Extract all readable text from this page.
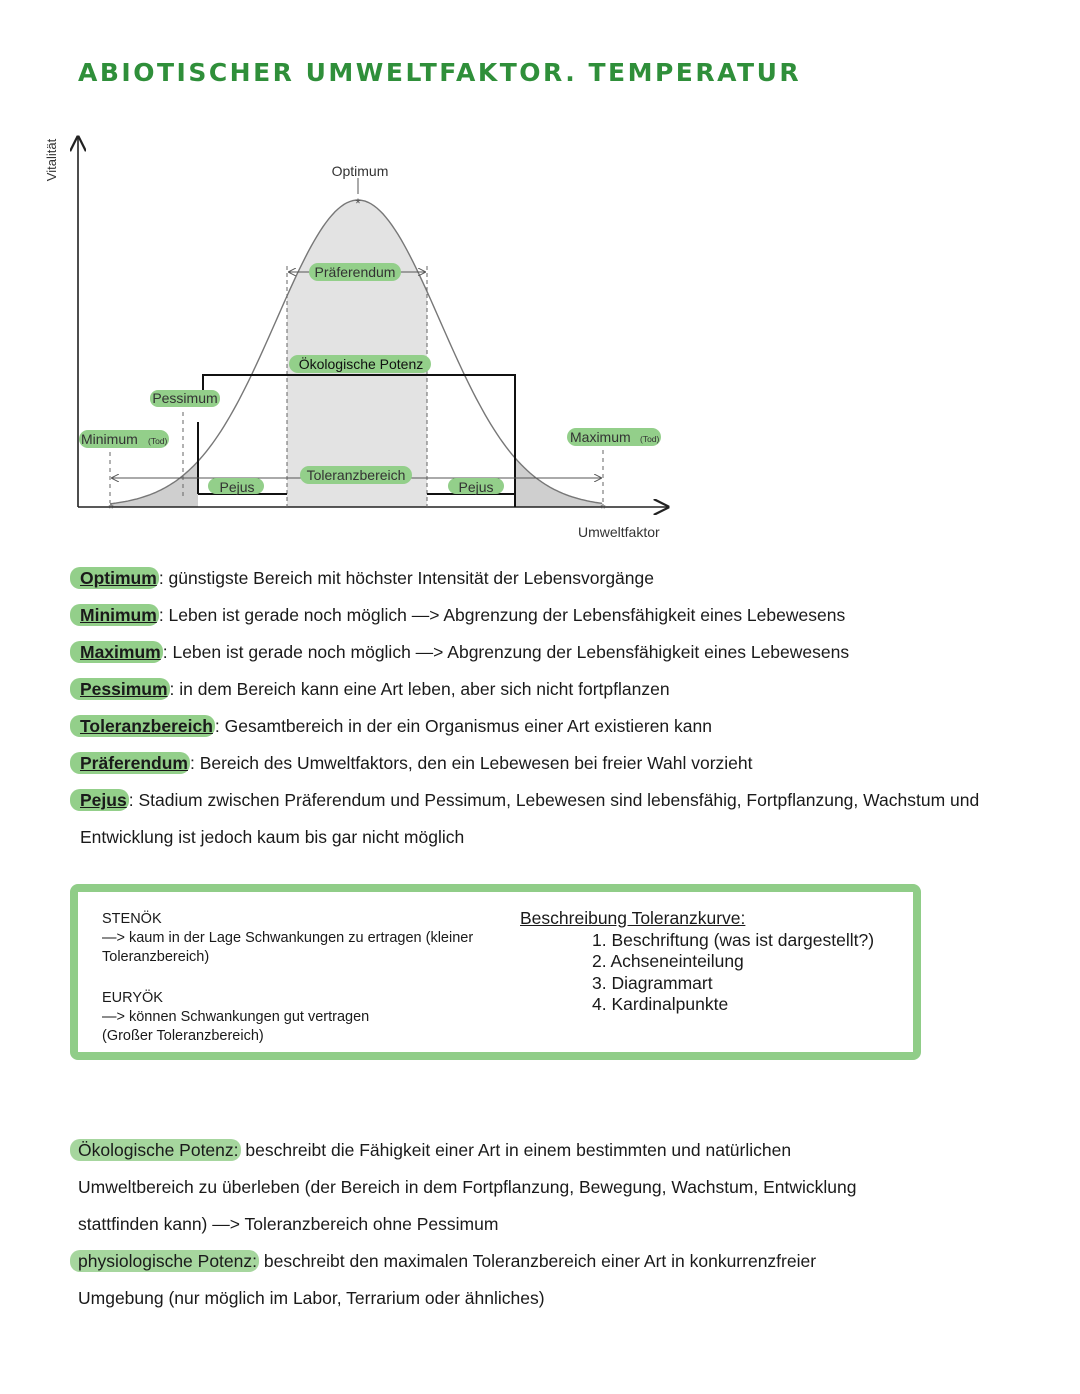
ABIOTISCHER UMWELTFAKTOR. TEMPERATUR
Vitalität
*
Optimum
Präferendum
Ökologische Potenz
Pessimum
Minimum (Tod)
*
Maximum (Tod)
*
Toleranzbereich
Pejus	Pejus
Umweltfaktor
Optimum : günstigste Bereich mit höchster Intensität der Lebensvorgänge
Minimum : Leben ist gerade noch möglich —> Abgrenzung der Lebensfähigkeit eines Lebewesens
Maximum : Leben ist gerade noch möglich —> Abgrenzung der Lebensfähigkeit eines Lebewesens
Pessimum : in dem Bereich kann eine Art leben, aber sich nicht fortpflanzen
Toleranzbereich : Gesamtbereich in der ein Organismus einer Art existieren kann
Präferendum : Bereich des Umweltfaktors, den ein Lebewesen bei freier Wahl vorzieht
Pejus : Stadium zwischen Präferendum und Pessimum, Lebewesen sind lebensfähig, Fortpflanzung, Wachstum und Entwicklung ist jedoch kaum bis gar nicht möglich
STENÖK
—> kaum in der Lage Schwankungen zu ertragen (kleiner Toleranzbereich)
EURYÖK
—> können Schwankungen gut vertragen
(Großer Toleranzbereich)
Beschreibung Toleranzkurve:
1. Beschriftung (was ist dargestellt?)
2. Achseneinteilung
3. Diagrammart
4. Kardinalpunkte
Ökologische Potenz: beschreibt die Fähigkeit einer Art in einem bestimmten und natürlichen
Umweltbereich zu überleben (der Bereich in dem Fortpflanzung, Bewegung, Wachstum, Entwicklung
stattfinden kann) —> Toleranzbereich ohne Pessimum
physiologische Potenz: beschreibt den maximalen Toleranzbereich einer Art in konkurrenzfreier
Umgebung (nur möglich im Labor, Terrarium oder ähnliches)
